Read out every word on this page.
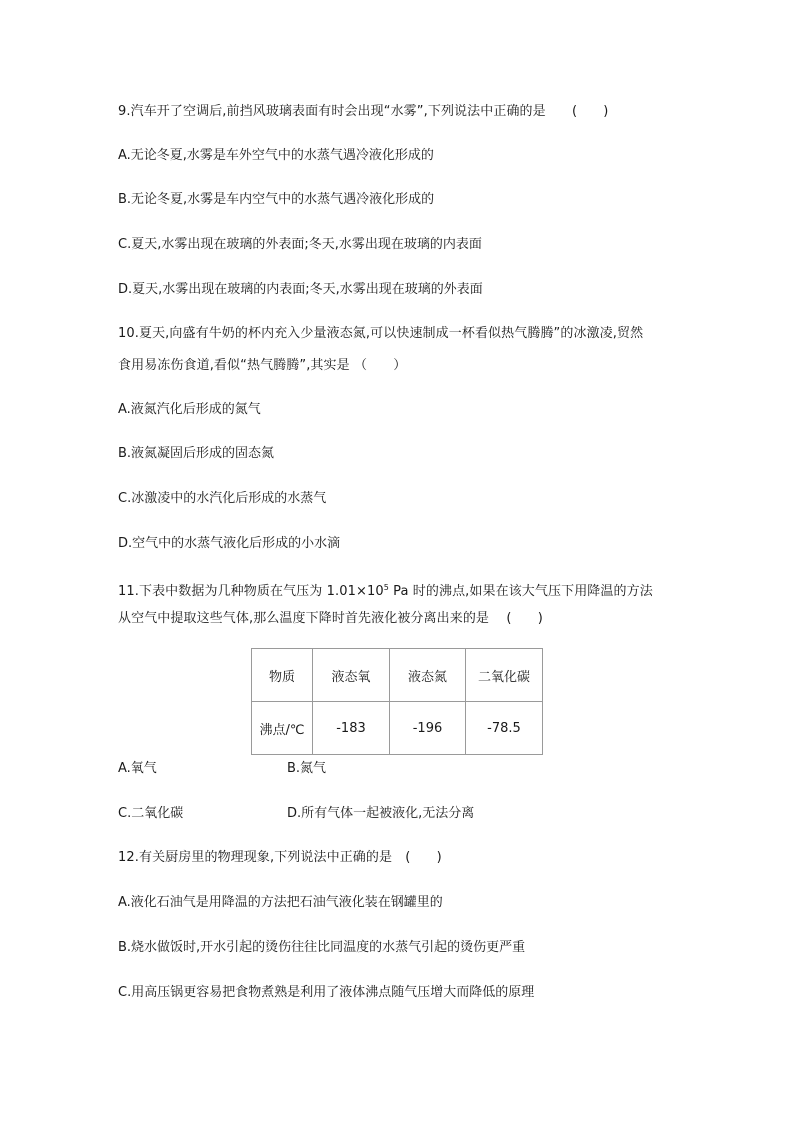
9.汽车开了空调后,前挡风玻璃表面有时会出现“水雾”,下列说法中正确的是　　(　　)
A.无论冬夏,水雾是车外空气中的水蒸气遇冷液化形成的
B.无论冬夏,水雾是车内空气中的水蒸气遇冷液化形成的
C.夏天,水雾出现在玻璃的外表面;冬天,水雾出现在玻璃的内表面
D.夏天,水雾出现在玻璃的内表面;冬天,水雾出现在玻璃的外表面
10.夏天,向盛有牛奶的杯内充入少量液态氮,可以快速制成一杯看似热气腾腾”的冰激凌,贸然
食用易冻伤食道,看似“热气腾腾”,其实是 （　　）
A.液氮汽化后形成的氮气
B.液氮凝固后形成的固态氮
C.冰激凌中的水汽化后形成的水蒸气
D.空气中的水蒸气液化后形成的小水滴
11.下表中数据为几种物质在气压为 $1.01\times 10^5$ Pa 时的沸点,如果在该大气压下用降温的方法
从空气中提取这些气体,那么温度下降时首先液化被分离出来的是　 (　　)
物质	液态氧	液态氮	二氧化碳
沸点/℃	-183	-196	-78.5
A.氧气	B.氮气
C.二氧化碳	D.所有气体一起被液化,无法分离
12.有关厨房里的物理现象,下列说法中正确的是　(　　)
A.液化石油气是用降温的方法把石油气液化装在钢罐里的
B.烧水做饭时,开水引起的烫伤往往比同温度的水蒸气引起的烫伤更严重
C.用高压锅更容易把食物煮熟是利用了液体沸点随气压增大而降低的原理
